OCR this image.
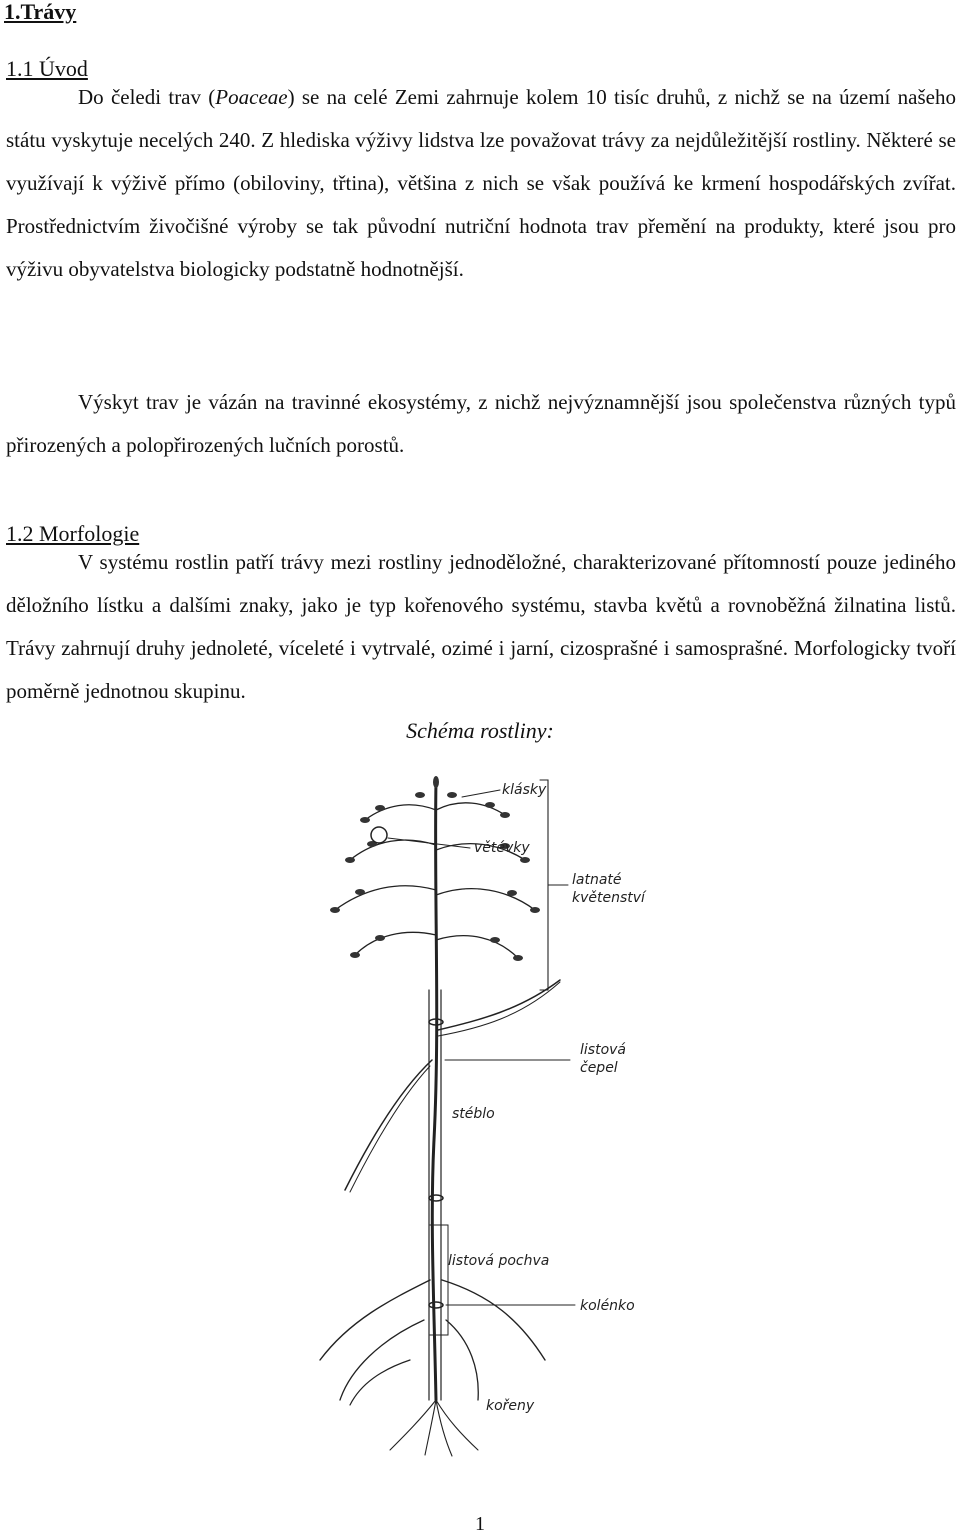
1.Trávy
1.1 Úvod
Do čeledi trav (Poaceae) se na celé Zemi zahrnuje kolem 10 tisíc druhů, z nichž se na území našeho státu vyskytuje necelých 240. Z hlediska výživy lidstva lze považovat trávy za nejdůležitější rostliny. Některé se využívají k výživě přímo (obiloviny, třtina), většina z nich se však používá ke krmení hospodářských zvířat. Prostřednictvím živočišné výroby se tak původní nutriční hodnota trav přemění na produkty, které jsou pro výživu obyvatelstva biologicky podstatně hodnotnější.
Výskyt trav je vázán na travinné ekosystémy, z nichž nejvýznamnější jsou společenstva různých typů přirozených a polopřirozených lučních porostů.
1.2 Morfologie
V systému rostlin patří trávy mezi rostliny jednoděložné, charakterizované přítomností pouze jediného děložního lístku a dalšími znaky, jako je typ kořenového systému, stavba květů a rovnoběžná žilnatina listů. Trávy zahrnují druhy jednoleté, víceleté i vytrvalé, ozimé i jarní, cizosprašné i samosprašné. Morfologicky tvoří poměrně jednotnou skupinu.
Schéma rostliny:
klásky
větévky
latnaté
květenství
listová
čepel
stéblo
listová pochva
kolénko
kořeny
1
